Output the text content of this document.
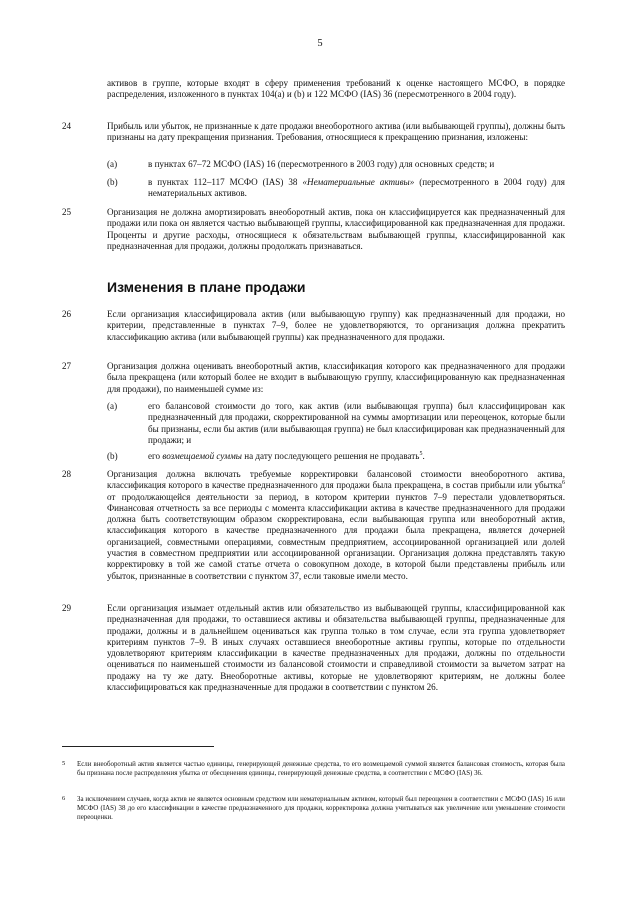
5
активов в группе, которые входят в сферу применения требований к оценке настоящего МСФО, в порядке распределения, изложенного в пунктах 104(a) и (b) и 122 МСФО (IAS) 36 (пересмотренного в 2004 году).
24	Прибыль или убыток, не признанные к дате продажи внеоборотного актива (или выбывающей группы), должны быть признаны на дату прекращения признания. Требования, относящиеся к прекращению признания, изложены:
(a)	в пунктах 67–72 МСФО (IAS) 16 (пересмотренного в 2003 году) для основных средств; и
(b)	в пунктах 112–117 МСФО (IAS) 38 «Нематериальные активы» (пересмотренного в 2004 году) для нематериальных активов.
25	Организация не должна амортизировать внеоборотный актив, пока он классифицируется как предназначенный для продажи или пока он является частью выбывающей группы, классифицированной как предназначенная для продажи. Проценты и другие расходы, относящиеся к обязательствам выбывающей группы, классифицированной как предназначенная для продажи, должны продолжать признаваться.
Изменения в плане продажи
26	Если организация классифицировала актив (или выбывающую группу) как предназначенный для продажи, но критерии, представленные в пунктах 7–9, более не удовлетворяются, то организация должна прекратить классификацию актива (или выбывающей группы) как предназначенного для продажи.
27	Организация должна оценивать внеоборотный актив, классификация которого как предназначенного для продажи была прекращена (или который более не входит в выбывающую группу, классифицированную как предназначенная для продажи), по наименьшей сумме из:
(a)	его балансовой стоимости до того, как актив (или выбывающая группа) был классифицирован как предназначенный для продажи, скорректированной на суммы амортизации или переоценок, которые были бы признаны, если бы актив (или выбывающая группа) не был классифицирован как предназначенный для продажи; и
(b)	его возмещаемой суммы на дату последующего решения не продавать$^5$.
28	Организация должна включать требуемые корректировки балансовой стоимости внеоборотного актива, классификация которого в качестве предназначенного для продажи была прекращена, в состав прибыли или убытка$^6$ от продолжающейся деятельности за период, в котором критерии пунктов 7–9 перестали удовлетворяться. Финансовая отчетность за все периоды с момента классификации актива в качестве предназначенного для продажи должна быть соответствующим образом скорректирована, если выбывающая группа или внеоборотный актив, классификация которого в качестве предназначенного для продажи была прекращена, является дочерней организацией, совместными операциями, совместным предприятием, ассоциированной организацией или долей участия в совместном предприятии или ассоциированной организации. Организация должна представлять такую корректировку в той же самой статье отчета о совокупном доходе, в которой были представлены прибыль или убыток, признанные в соответствии с пунктом 37, если таковые имели место.
29	Если организация изымает отдельный актив или обязательство из выбывающей группы, классифицированной как предназначенная для продажи, то оставшиеся активы и обязательства выбывающей группы, предназначенные для продажи, должны и в дальнейшем оцениваться как группа только в том случае, если эта группа удовлетворяет критериям пунктов 7–9. В иных случаях оставшиеся внеоборотные активы группы, которые по отдельности удовлетворяют критериям классификации в качестве предназначенных для продажи, должны по отдельности оцениваться по наименьшей стоимости из балансовой стоимости и справедливой стоимости за вычетом затрат на продажу на ту же дату. Внеоборотные активы, которые не удовлетворяют критериям, не должны более классифицироваться как предназначенные для продажи в соответствии с пунктом 26.
5 Если внеоборотный актив является частью единицы, генерирующей денежные средства, то его возмещаемой суммой является балансовая стоимость, которая была бы признана после распределения убытка от обесценения единицы, генерирующей денежные средства, в соответствии с МСФО (IAS) 36.
6 За исключением случаев, когда актив не является основным средством или нематериальным активом, который был переоценен в соответствии с МСФО (IAS) 16 или МСФО (IAS) 38 до его классификации в качестве предназначенного для продажи, корректировка должна учитываться как увеличение или уменьшение стоимости переоценки.
